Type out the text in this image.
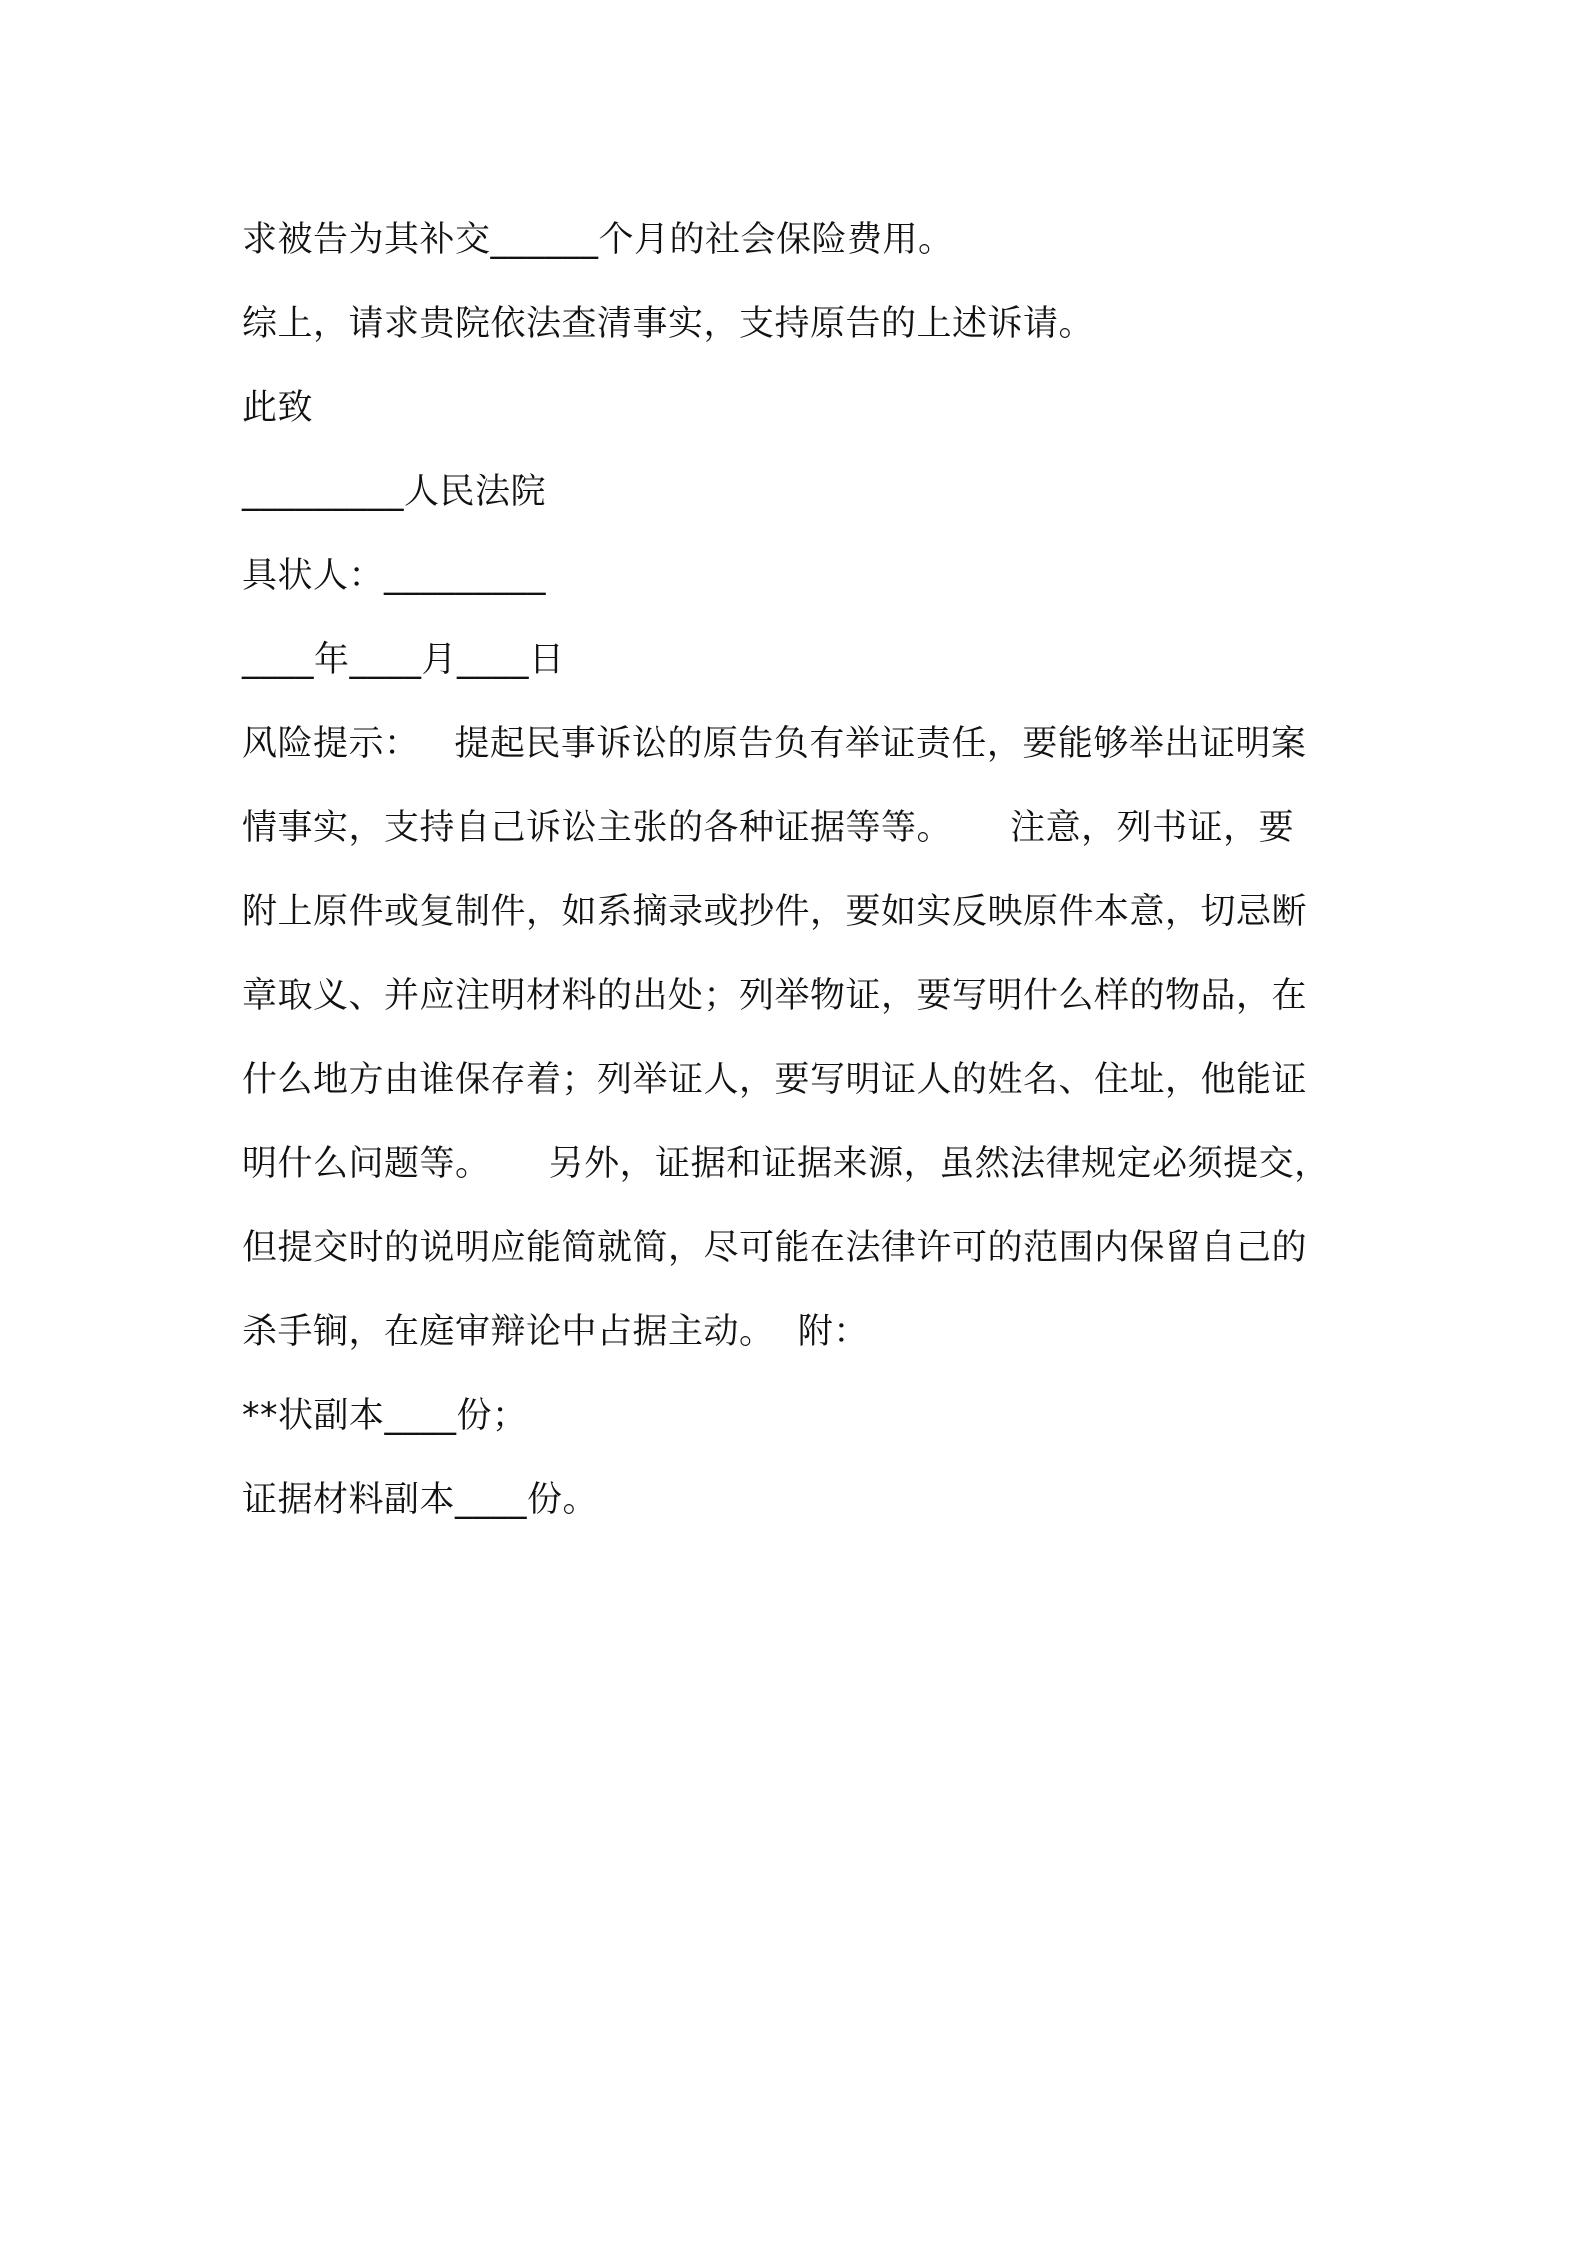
求被告为其补交______个月的社会保险费用。

综上，请求贵院依法查清事实，支持原告的上述诉请。

此致

_________人民法院

具状人：_________

____年____月____日

风险提示：   提起民事诉讼的原告负有举证责任，要能够举出证明案
情事实，支持自己诉讼主张的各种证据等等。     注意，列书证，要
附上原件或复制件，如系摘录或抄件，要如实反映原件本意，切忌断
章取义、并应注明材料的出处；列举物证，要写明什么样的物品，在
什么地方由谁保存着；列举证人，要写明证人的姓名、住址，他能证
明什么问题等。     另外，证据和证据来源，虽然法律规定必须提交，
但提交时的说明应能简就简，尽可能在法律许可的范围内保留自己的
杀手锏，在庭审辩论中占据主动。  附：

**状副本____份；

证据材料副本____份。
